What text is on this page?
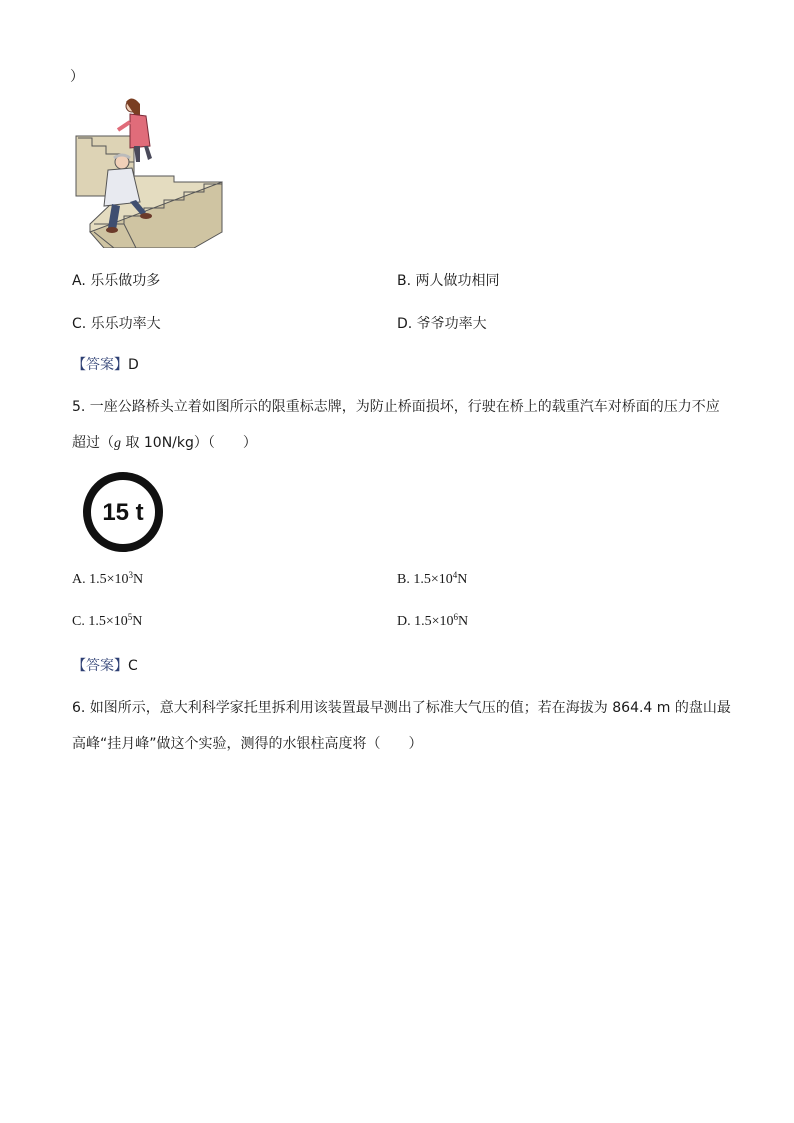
）
A. 乐乐做功多	B. 两人做功相同
C. 乐乐功率大	D. 爷爷功率大
【答案】D
5. 一座公路桥头立着如图所示的限重标志牌，为防止桥面损坏，行驶在桥上的载重汽车对桥面的压力不应
超过（g 取 10N/kg）（　　）
15 t
A. $1.5\times 10^3N$	B. $1.5\times 10^4N$
C. $1.5\times 10^5N$	D. $1.5\times 10^6N$
【答案】C
6. 如图所示，意大利科学家托里拆利用该装置最早测出了标准大气压的值；若在海拔为 864.4 m 的盘山最
高峰“挂月峰”做这个实验，测得的水银柱高度将（　　）
